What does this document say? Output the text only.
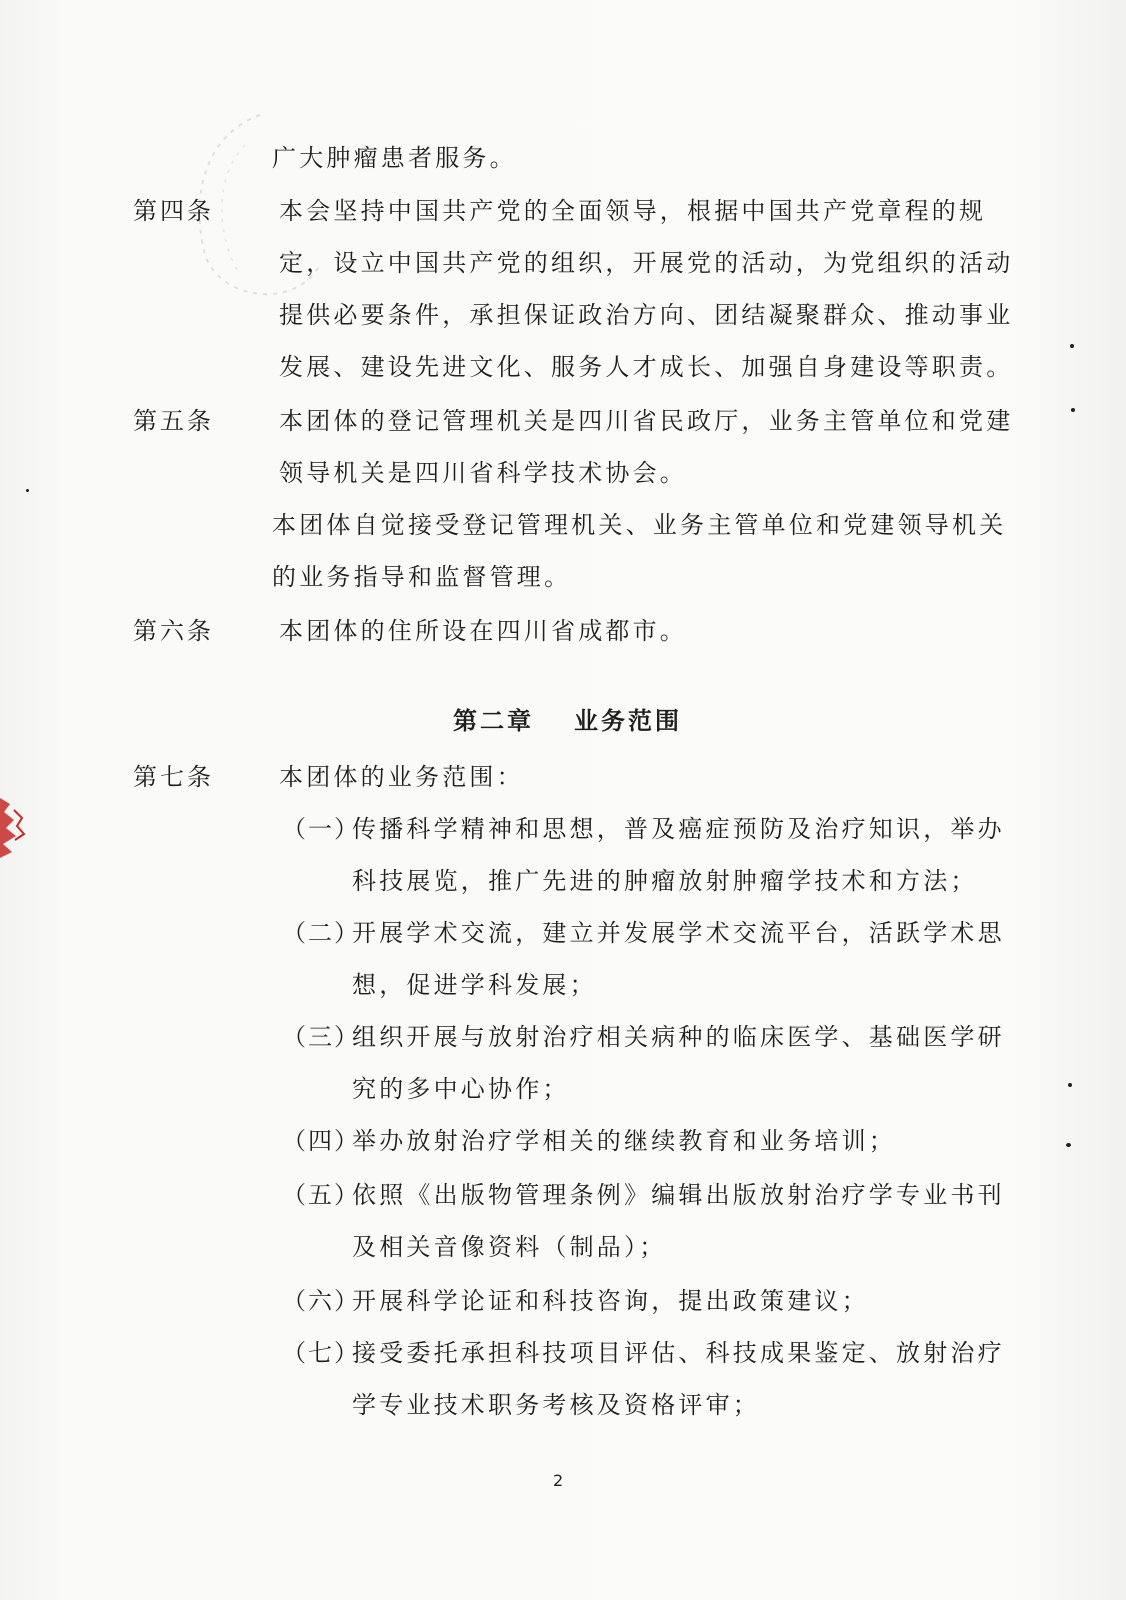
广大肿瘤患者服务。
第四条	本会坚持中国共产党的全面领导，根据中国共产党章程的规
定，设立中国共产党的组织，开展党的活动，为党组织的活动
提供必要条件，承担保证政治方向、团结凝聚群众、推动事业
发展、建设先进文化、服务人才成长、加强自身建设等职责。
第五条	本团体的登记管理机关是四川省民政厅，业务主管单位和党建
领导机关是四川省科学技术协会。
本团体自觉接受登记管理机关、业务主管单位和党建领导机关
的业务指导和监督管理。
第六条	本团体的住所设在四川省成都市。
第二章 业务范围
第七条	本团体的业务范围：
（一）
传播科学精神和思想，普及癌症预防及治疗知识，举办
科技展览，推广先进的肿瘤放射肿瘤学技术和方法；
（二）
开展学术交流，建立并发展学术交流平台，活跃学术思
想，促进学科发展；
（三）
组织开展与放射治疗相关病种的临床医学、基础医学研
究的多中心协作；
（四）
举办放射治疗学相关的继续教育和业务培训；
（五）
依照《出版物管理条例》编辑出版放射治疗学专业书刊
及相关音像资料（制品）；
（六）
开展科学论证和科技咨询，提出政策建议；
（七）
接受委托承担科技项目评估、科技成果鉴定、放射治疗
学专业技术职务考核及资格评审；
2
